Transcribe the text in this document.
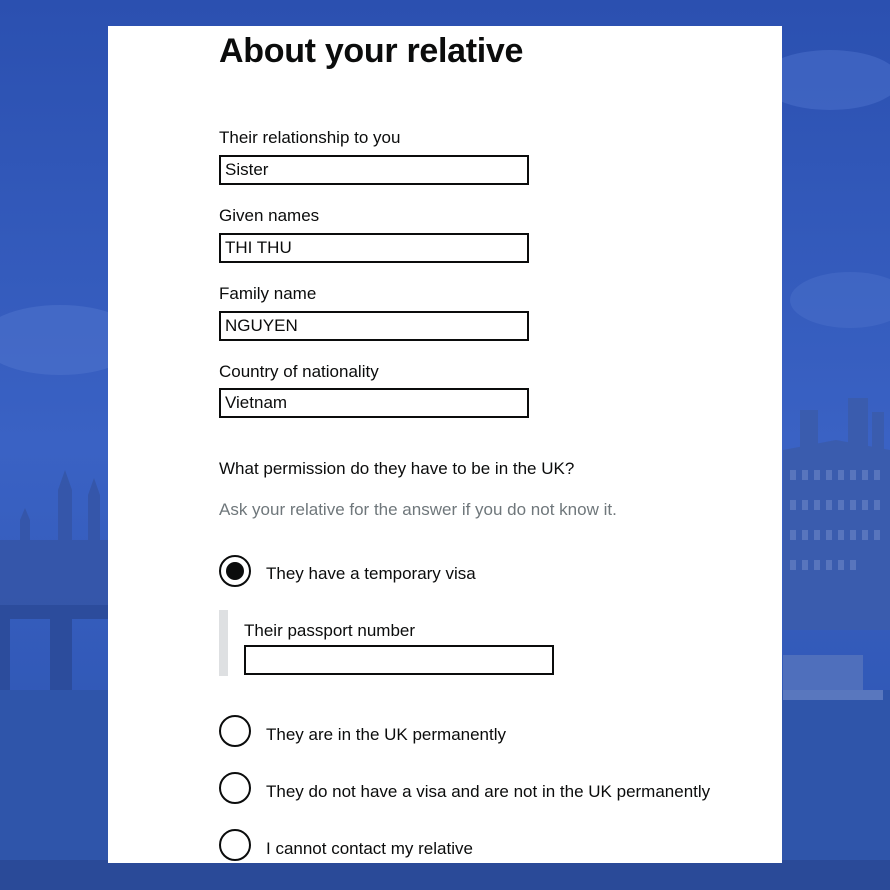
About your relative
Their relationship to you
Sister
Given names
THI THU
Family name
NGUYEN
Country of nationality
Vietnam
What permission do they have to be in the UK?
Ask your relative for the answer if you do not know it.
They have a temporary visa
Their passport number
They are in the UK permanently
They do not have a visa and are not in the UK permanently
I cannot contact my relative
